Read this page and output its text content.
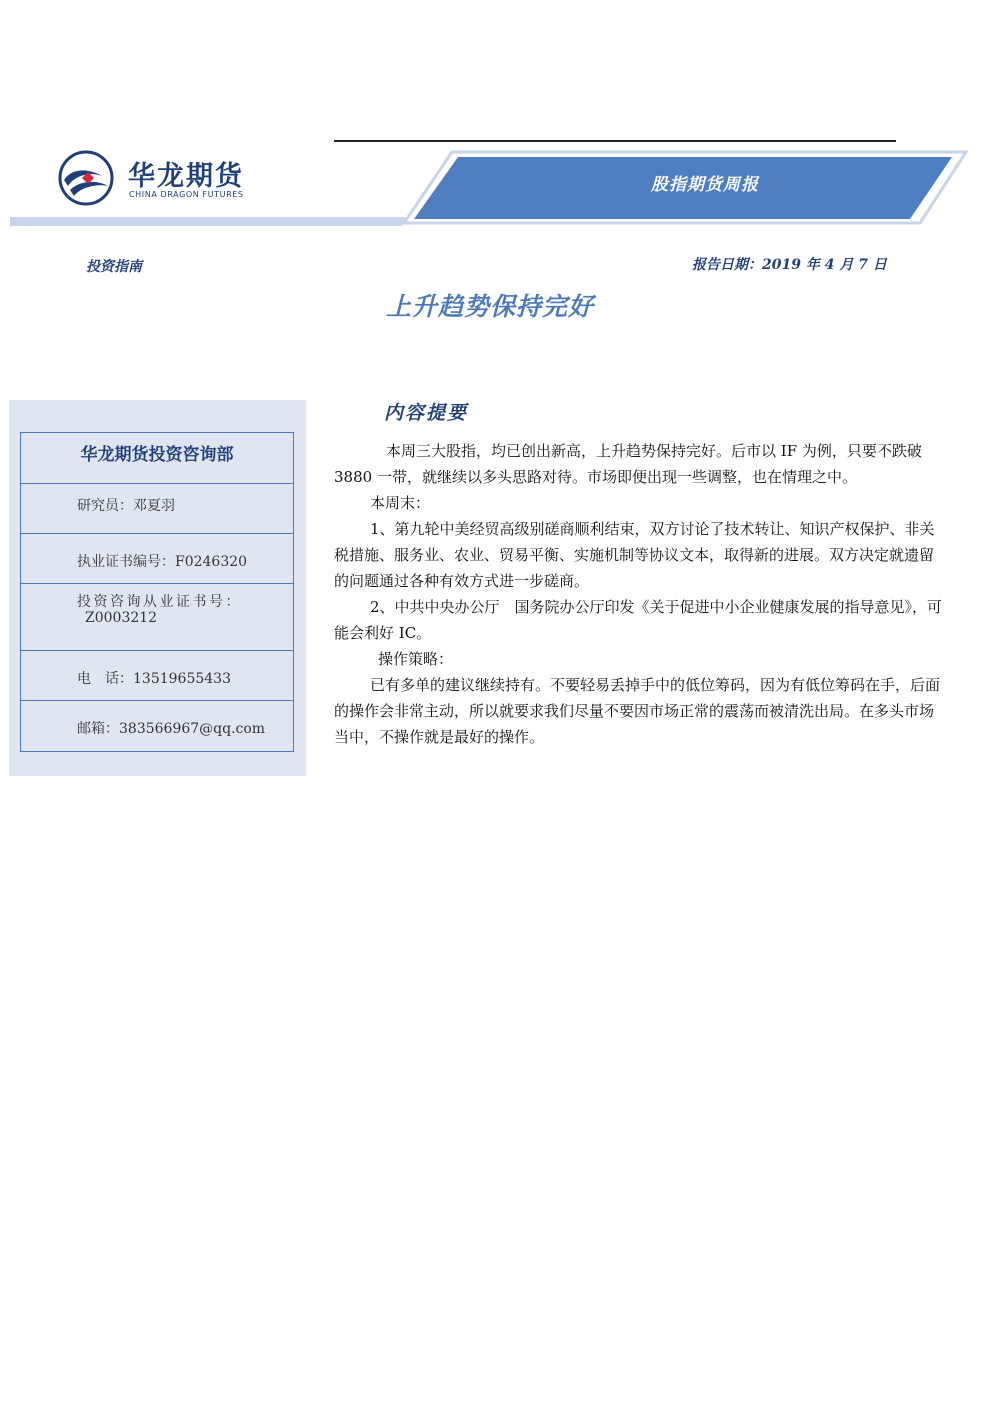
股指期货周报
华龙期货
CHINA DRAGON FUTURES
投资指南	报告日期：2019 年 4 月 7 日
上升趋势保持完好
华龙期货投资咨询部
研究员：邓夏羽
执业证书编号：F0246320
投资咨询从业证书号：
Z0003212
电　话：13519655433
邮箱：383566967@qq.com
内容提要

本周三大股指，均已创出新高，上升趋势保持完好。后市以 IF 为例，只要不跌破 3880 一带，就继续以多头思路对待。市场即便出现一些调整，也在情理之中。

本周末：

1、第九轮中美经贸高级别磋商顺利结束，双方讨论了技术转让、知识产权保护、非关税措施、服务业、农业、贸易平衡、实施机制等协议文本，取得新的进展。双方决定就遗留的问题通过各种有效方式进一步磋商。

2、中共中央办公厅　国务院办公厅印发《关于促进中小企业健康发展的指导意见》，可能会利好 IC。

操作策略：

已有多单的建议继续持有。不要轻易丢掉手中的低位筹码，因为有低位筹码在手，后面的操作会非常主动，所以就要求我们尽量不要因市场正常的震荡而被清洗出局。在多头市场当中，不操作就是最好的操作。
